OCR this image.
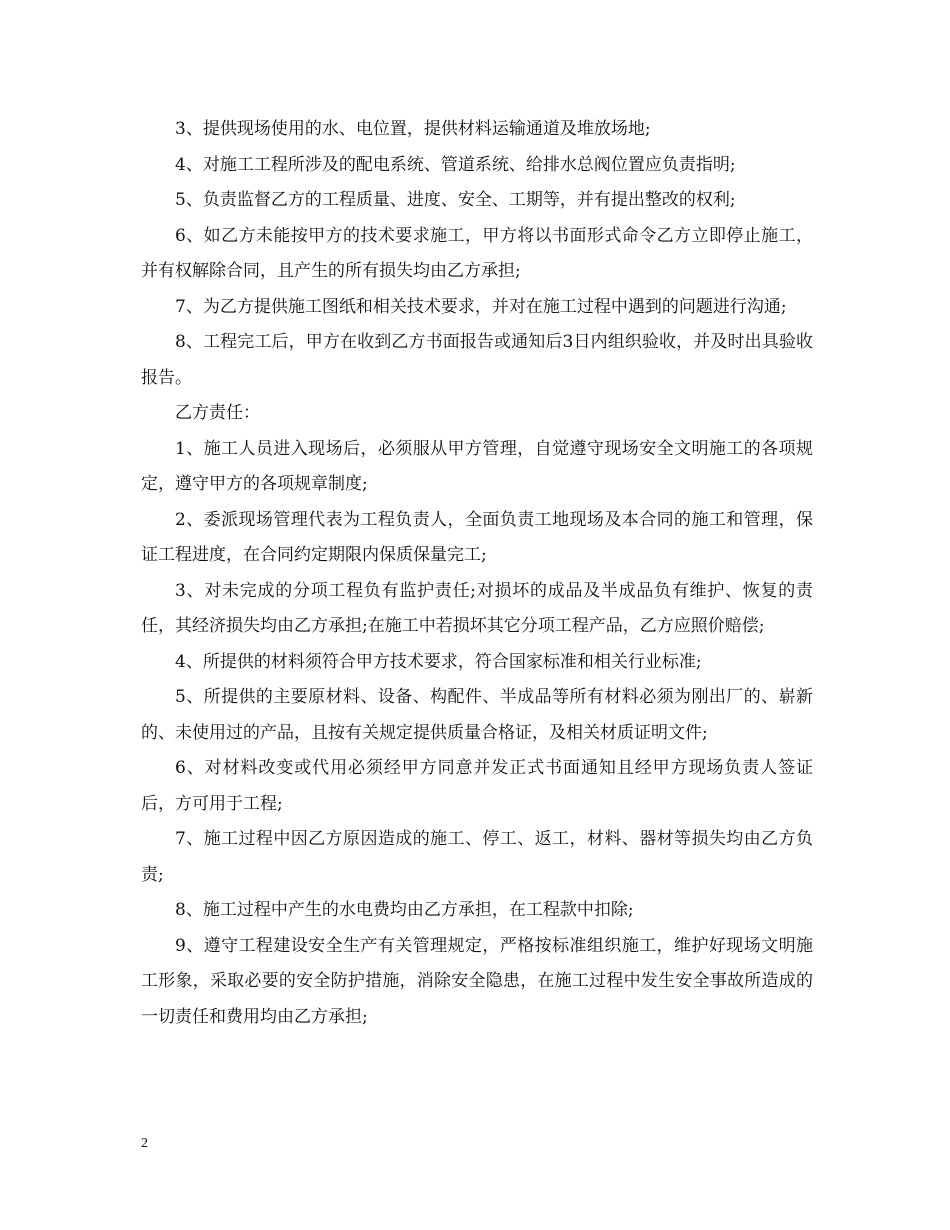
3、提供现场使用的水、电位置，提供材料运输通道及堆放场地;

4、对施工工程所涉及的配电系统、管道系统、给排水总阀位置应负责指明;

5、负责监督乙方的工程质量、进度、安全、工期等，并有提出整改的权利;

6、如乙方未能按甲方的技术要求施工，甲方将以书面形式命令乙方立即停止施工，并有权解除合同，且产生的所有损失均由乙方承担;

7、为乙方提供施工图纸和相关技术要求，并对在施工过程中遇到的问题进行沟通;

8、工程完工后，甲方在收到乙方书面报告或通知后3日内组织验收，并及时出具验收报告。

乙方责任：

1、施工人员进入现场后，必须服从甲方管理，自觉遵守现场安全文明施工的各项规定，遵守甲方的各项规章制度;

2、委派现场管理代表为工程负责人，全面负责工地现场及本合同的施工和管理，保证工程进度，在合同约定期限内保质保量完工;

3、对未完成的分项工程负有监护责任;对损坏的成品及半成品负有维护、恢复的责任，其经济损失均由乙方承担;在施工中若损坏其它分项工程产品，乙方应照价赔偿;

4、所提供的材料须符合甲方技术要求，符合国家标准和相关行业标准;

5、所提供的主要原材料、设备、构配件、半成品等所有材料必须为刚出厂的、崭新的、未使用过的产品，且按有关规定提供质量合格证，及相关材质证明文件;

6、对材料改变或代用必须经甲方同意并发正式书面通知且经甲方现场负责人签证后，方可用于工程;

7、施工过程中因乙方原因造成的施工、停工、返工，材料、器材等损失均由乙方负责;

8、施工过程中产生的水电费均由乙方承担，在工程款中扣除;

9、遵守工程建设安全生产有关管理规定，严格按标准组织施工，维护好现场文明施工形象，采取必要的安全防护措施，消除安全隐患，在施工过程中发生安全事故所造成的一切责任和费用均由乙方承担;

2
